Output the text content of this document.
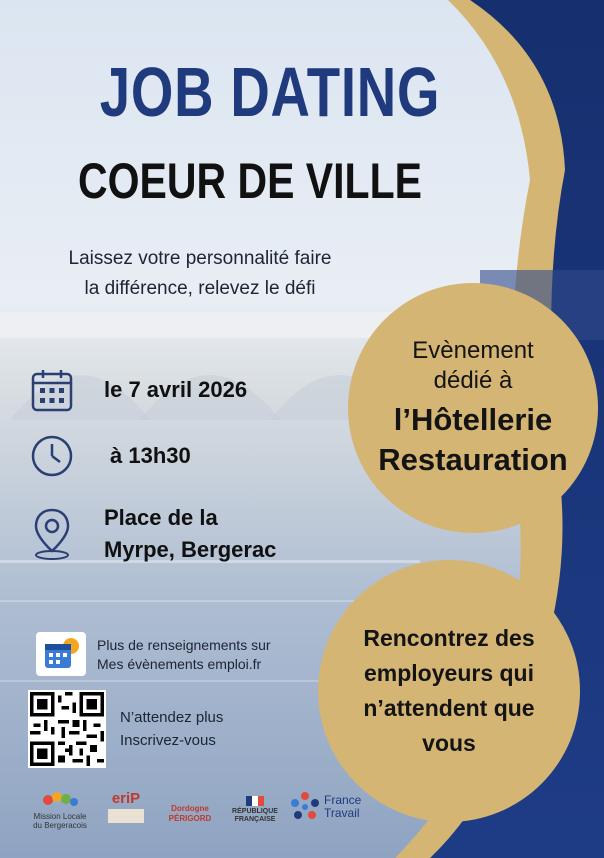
JOB DATING
COEUR DE VILLE
Laissez votre personnalité faire
la différence, relevez le défi
le 7 avril 2026
à 13h30
Place de la
Myrpe, Bergerac
Evènement
dédié à
l’Hôtellerie
Restauration
Rencontrez des employeurs qui n’attendent que vous
Plus de renseignements sur
Mes évènements emploi.fr
N’attendez plus
Inscrivez-vous
Mission Locale du Bergeracois
eriP
Dordogne PÉRIGORD
RÉPUBLIQUE FRANÇAISE
France
Travail
